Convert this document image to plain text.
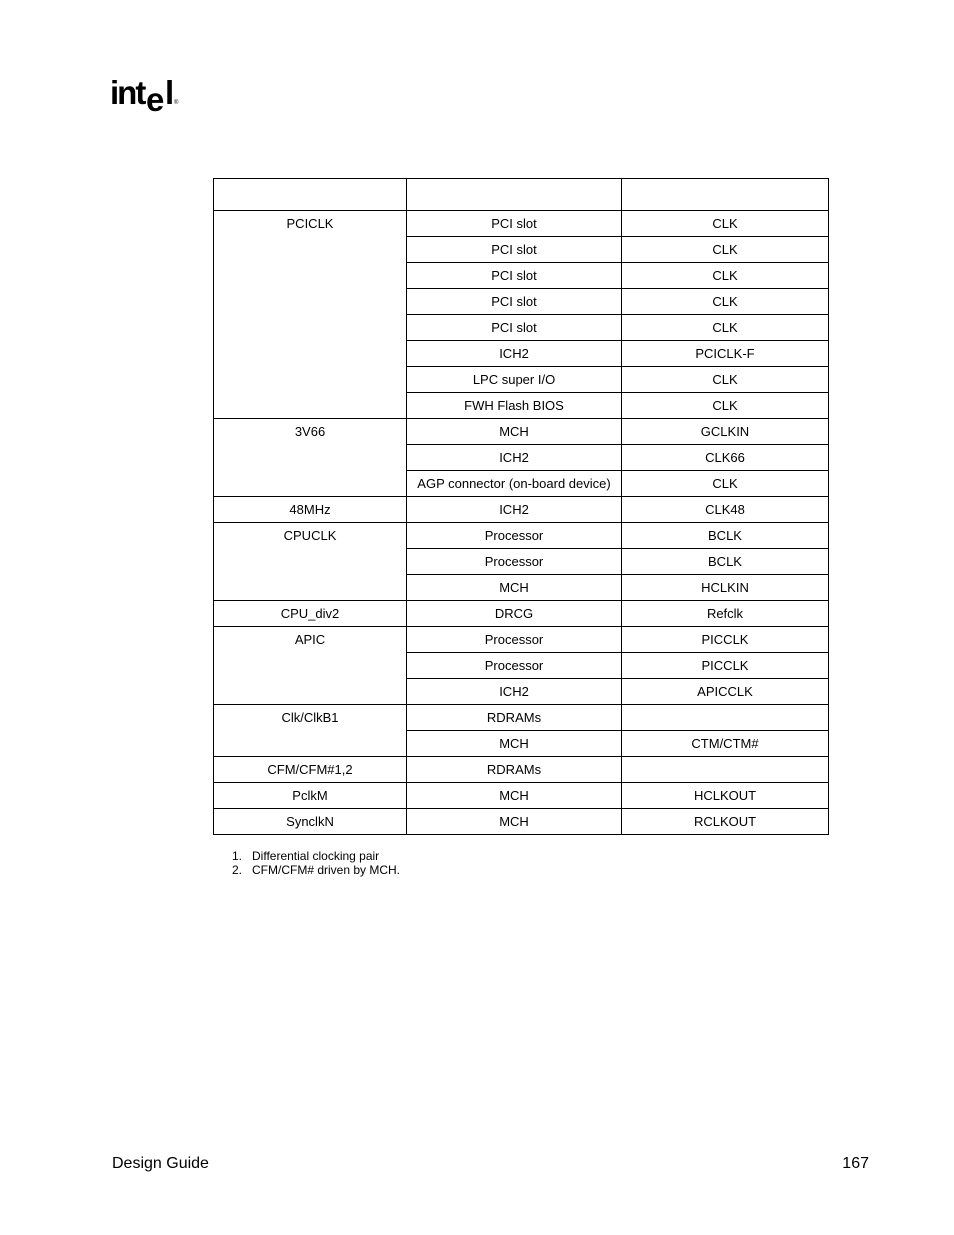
int e l ®

PCICLK	PCI slot	CLK
	PCI slot	CLK
	PCI slot	CLK
	PCI slot	CLK
	PCI slot	CLK
	ICH2	PCICLK-F
	LPC super I/O	CLK
	FWH Flash BIOS	CLK
3V66	MCH	GCLKIN
	ICH2	CLK66
	AGP connector (on-board device)	CLK
48MHz	ICH2	CLK48
CPUCLK	Processor	BCLK
	Processor	BCLK
	MCH	HCLKIN
CPU_div2	DRCG	Refclk
APIC	Processor	PICCLK
	Processor	PICCLK
	ICH2	APICCLK
Clk/ClkB1	RDRAMs	
	MCH	CTM/CTM#
CFM/CFM#1,2	RDRAMs	
PclkM	MCH	HCLKOUT
SynclkN	MCH	RCLKOUT
1. Differential clocking pair
2. CFM/CFM# driven by MCH.
Design Guide	167
